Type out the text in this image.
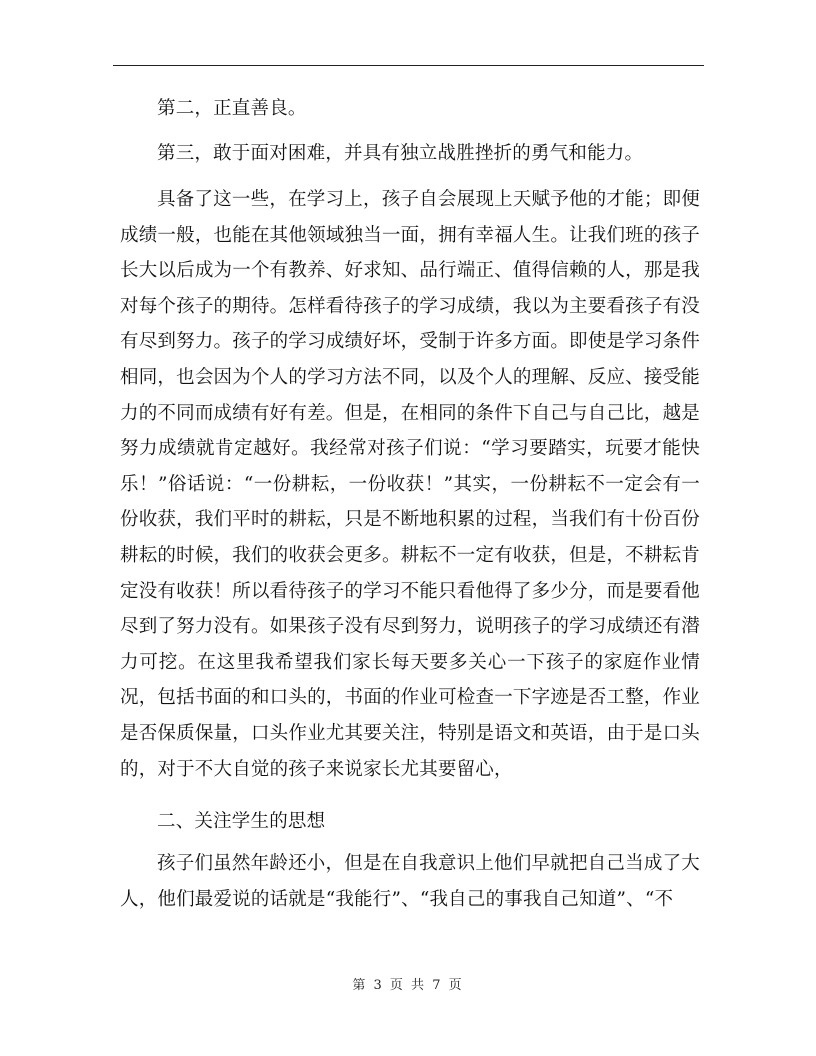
第二，正直善良。

第三，敢于面对困难，并具有独立战胜挫折的勇气和能力。

具备了这一些，在学习上，孩子自会展现上天赋予他的才能；即便成绩一般，也能在其他领域独当一面，拥有幸福人生。让我们班的孩子长大以后成为一个有教养、好求知、品行端正、值得信赖的人，那是我对每个孩子的期待。怎样看待孩子的学习成绩，我以为主要看孩子有没有尽到努力。孩子的学习成绩好坏，受制于许多方面。即使是学习条件相同，也会因为个人的学习方法不同，以及个人的理解、反应、接受能力的不同而成绩有好有差。但是，在相同的条件下自己与自己比，越是努力成绩就肯定越好。我经常对孩子们说：“学习要踏实，玩要才能快乐！”俗话说：“一份耕耘，一份收获！”其实，一份耕耘不一定会有一份收获，我们平时的耕耘，只是不断地积累的过程，当我们有十份百份耕耘的时候，我们的收获会更多。耕耘不一定有收获，但是，不耕耘肯定没有收获！所以看待孩子的学习不能只看他得了多少分，而是要看他尽到了努力没有。如果孩子没有尽到努力，说明孩子的学习成绩还有潜力可挖。在这里我希望我们家长每天要多关心一下孩子的家庭作业情况，包括书面的和口头的，书面的作业可检查一下字迹是否工整，作业是否保质保量，口头作业尤其要关注，特别是语文和英语，由于是口头的，对于不大自觉的孩子来说家长尤其要留心，

二、关注学生的思想

孩子们虽然年龄还小，但是在自我意识上他们早就把自己当成了大人，他们最爱说的话就是“我能行”、“我自己的事我自己知道”、“不

第 3 页 共 7 页
